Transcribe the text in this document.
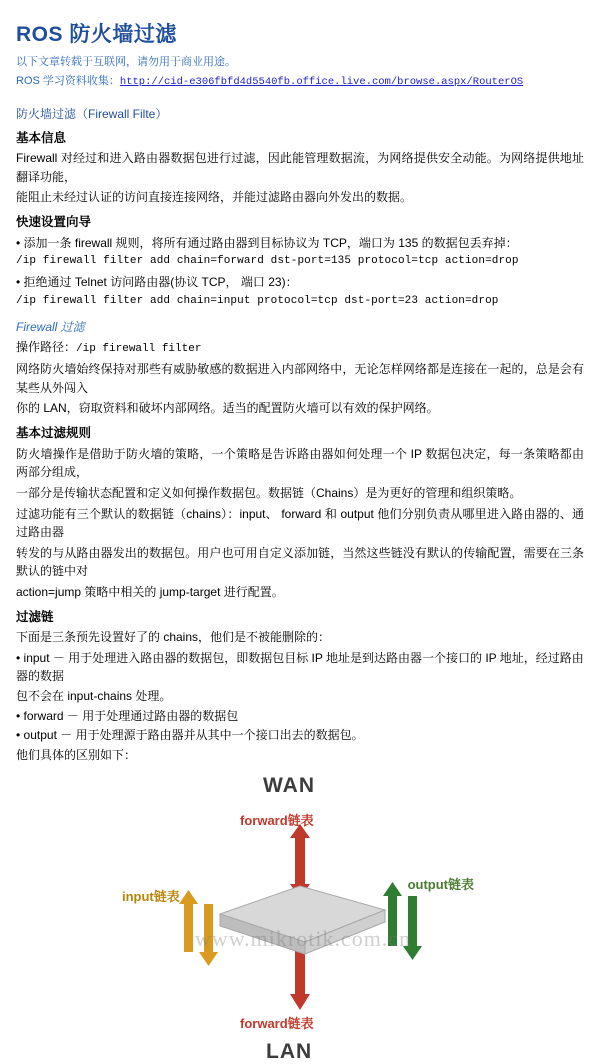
ROS 防火墙过滤

以下文章转载于互联网，请勿用于商业用途。

ROS 学习资料收集：http://cid-e306fbfd4d5540fb.office.live.com/browse.aspx/RouterOS

防火墙过滤（Firewall Filte）

基本信息

Firewall 对经过和进入路由器数据包进行过滤，因此能管理数据流，为网络提供安全动能。为网络提供地址翻译功能，

能阻止未经过认证的访问直接连接网络，并能过滤路由器向外发出的数据。

快速设置向导

• 添加一条 firewall 规则，将所有通过路由器到目标协议为 TCP，端口为 135 的数据包丢弃掉：

/ip firewall filter add chain=forward dst-port=135 protocol=tcp action=drop

• 拒绝通过 Telnet 访问路由器(协议 TCP， 端口 23)：

/ip firewall filter add chain=input protocol=tcp dst-port=23 action=drop

Firewall 过滤

操作路径：/ip firewall filter

网络防火墙始终保持对那些有威胁敏感的数据进入内部网络中，无论怎样网络都是连接在一起的，总是会有某些从外闯入

你的 LAN，窃取资料和破坏内部网络。适当的配置防火墙可以有效的保护网络。

基本过滤规则

防火墙操作是借助于防火墙的策略，一个策略是告诉路由器如何处理一个 IP 数据包决定，每一条策略都由两部分组成，

一部分是传输状态配置和定义如何操作数据包。数据链（Chains）是为更好的管理和组织策略。

过滤功能有三个默认的数据链（chains）：input、 forward 和 output 他们分别负责从哪里进入路由器的、通过路由器

转发的与从路由器发出的数据包。用户也可用自定义添加链，当然这些链没有默认的传输配置，需要在三条默认的链中对

action=jump 策略中相关的 jump-target 进行配置。

过滤链

下面是三条预先设置好了的 chains，他们是不被能删除的：

• input － 用于处理进入路由器的数据包，即数据包目标 IP 地址是到达路由器一个接口的 IP 地址，经过路由器的数据

包不会在 input-chains 处理。

• forward － 用于处理通过路由器的数据包

• output － 用于处理源于路由器并从其中一个接口出去的数据包。

他们具体的区别如下：

WAN
forward链表
input链表
output链表
forward链表
LAN
www.mikrotik.com.cn
